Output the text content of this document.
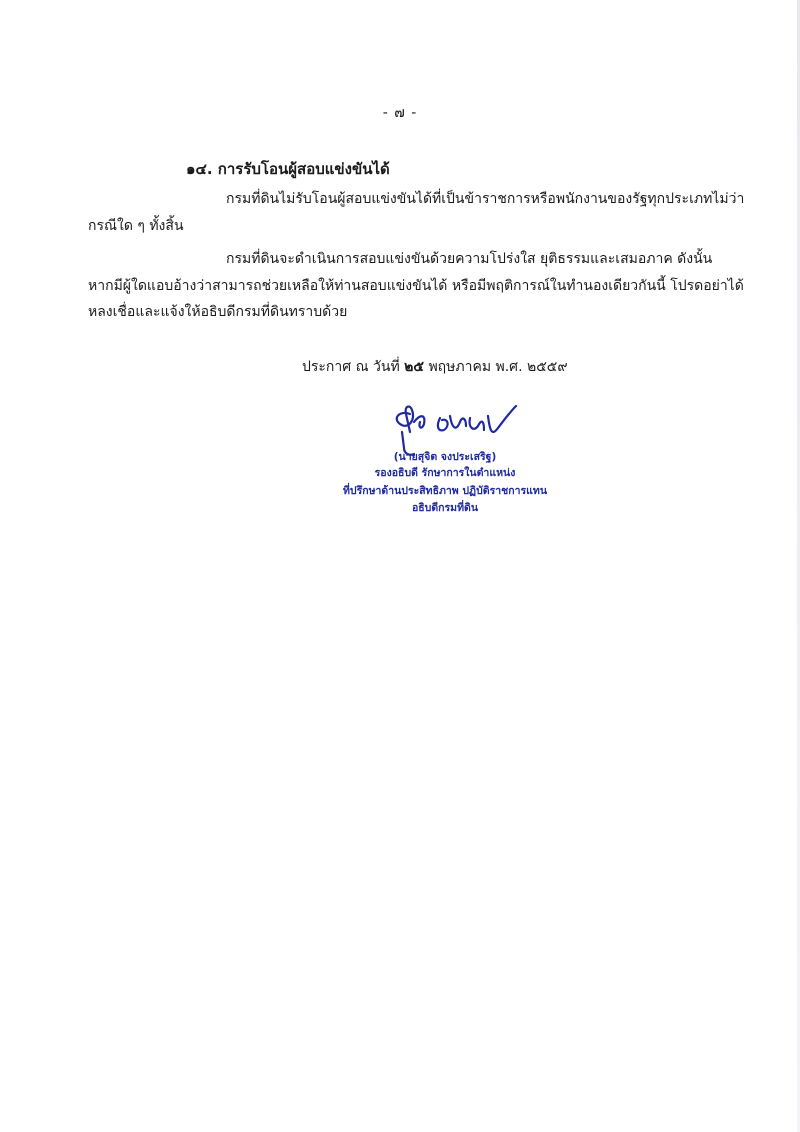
- ๗ -
๑๔. การรับโอนผู้สอบแข่งขันได้
กรมที่ดินไม่รับโอนผู้สอบแข่งขันได้ที่เป็นข้าราชการหรือพนักงานของรัฐทุกประเภทไม่ว่า
กรณีใด ๆ ทั้งสิ้น
กรมที่ดินจะดำเนินการสอบแข่งขันด้วยความโปร่งใส ยุติธรรมและเสมอภาค ดังนั้น
หากมีผู้ใดแอบอ้างว่าสามารถช่วยเหลือให้ท่านสอบแข่งขันได้ หรือมีพฤติการณ์ในทำนองเดียวกันนี้ โปรดอย่าได้
หลงเชื่อและแจ้งให้อธิบดีกรมที่ดินทราบด้วย
ประกาศ ณ วันที่ ๒๕ พฤษภาคม พ.ศ. ๒๕๕๙
(นายสุจิต จงประเสริฐ)
รองอธิบดี รักษาการในตำแหน่ง
ที่ปรึกษาด้านประสิทธิภาพ ปฏิบัติราชการแทน
อธิบดีกรมที่ดิน
